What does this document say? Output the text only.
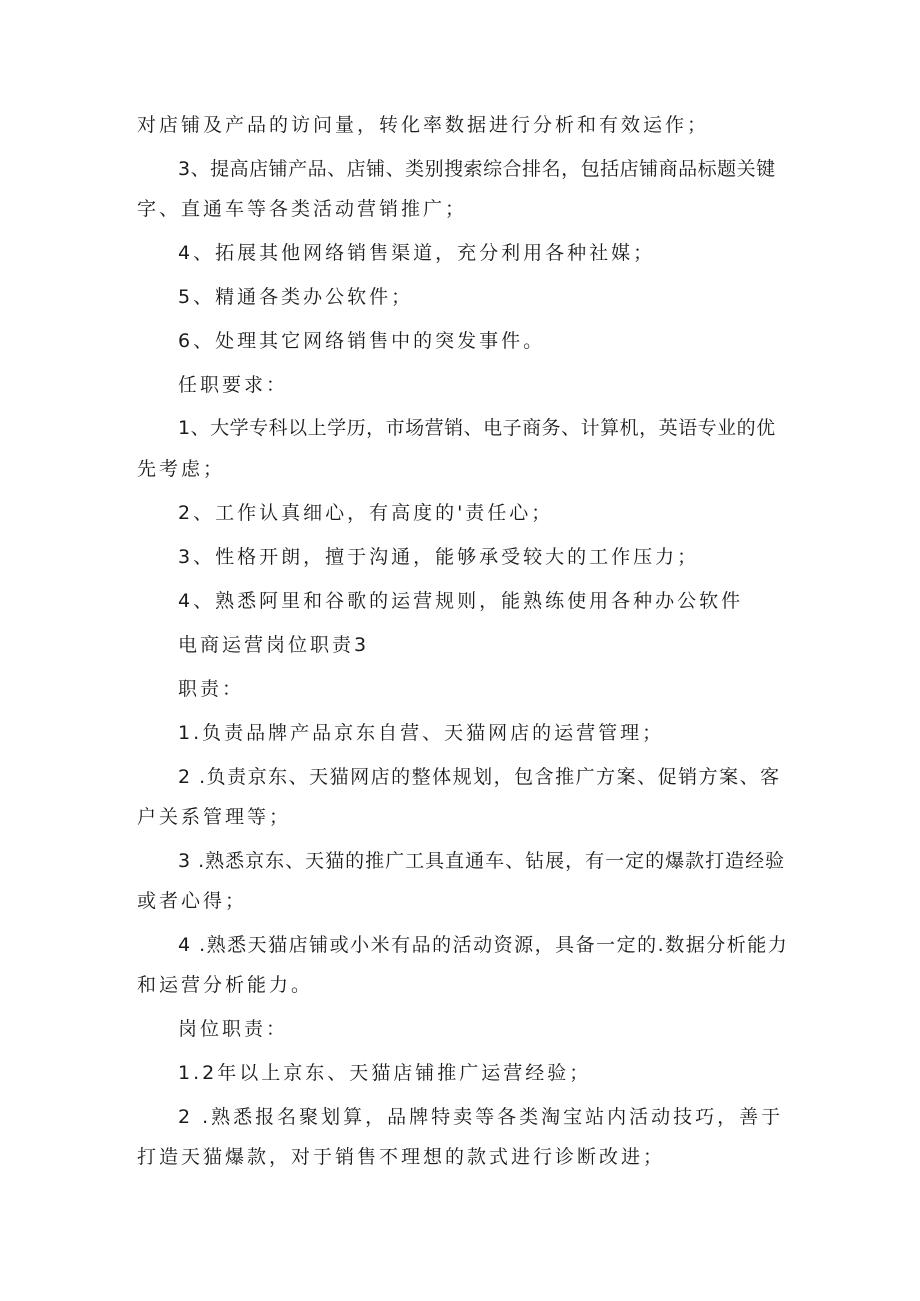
对店铺及产品的访问量，转化率数据进行分析和有效运作；
3、提高店铺产品、店铺、类别搜索综合排名，包括店铺商品标题关键
字、直通车等各类活动营销推广；
4、拓展其他网络销售渠道，充分利用各种社媒；
5、精通各类办公软件；
6、处理其它网络销售中的突发事件。
任职要求：
1、大学专科以上学历，市场营销、电子商务、计算机，英语专业的优
先考虑；
2、工作认真细心，有高度的'责任心；
3、性格开朗，擅于沟通，能够承受较大的工作压力；
4、熟悉阿里和谷歌的运营规则，能熟练使用各种办公软件
电商运营岗位职责3
职责：
1.负责品牌产品京东自营、天猫网店的运营管理；
2 .负责京东、天猫网店的整体规划，包含推广方案、促销方案、客
户关系管理等；
3 .熟悉京东、天猫的推广工具直通车、钻展，有一定的爆款打造经验
或者心得；
4 .熟悉天猫店铺或小米有品的活动资源，具备一定的.数据分析能力
和运营分析能力。
岗位职责：
1.2年以上京东、天猫店铺推广运营经验；
2 .熟悉报名聚划算，品牌特卖等各类淘宝站内活动技巧，善于
打造天猫爆款，对于销售不理想的款式进行诊断改进；
